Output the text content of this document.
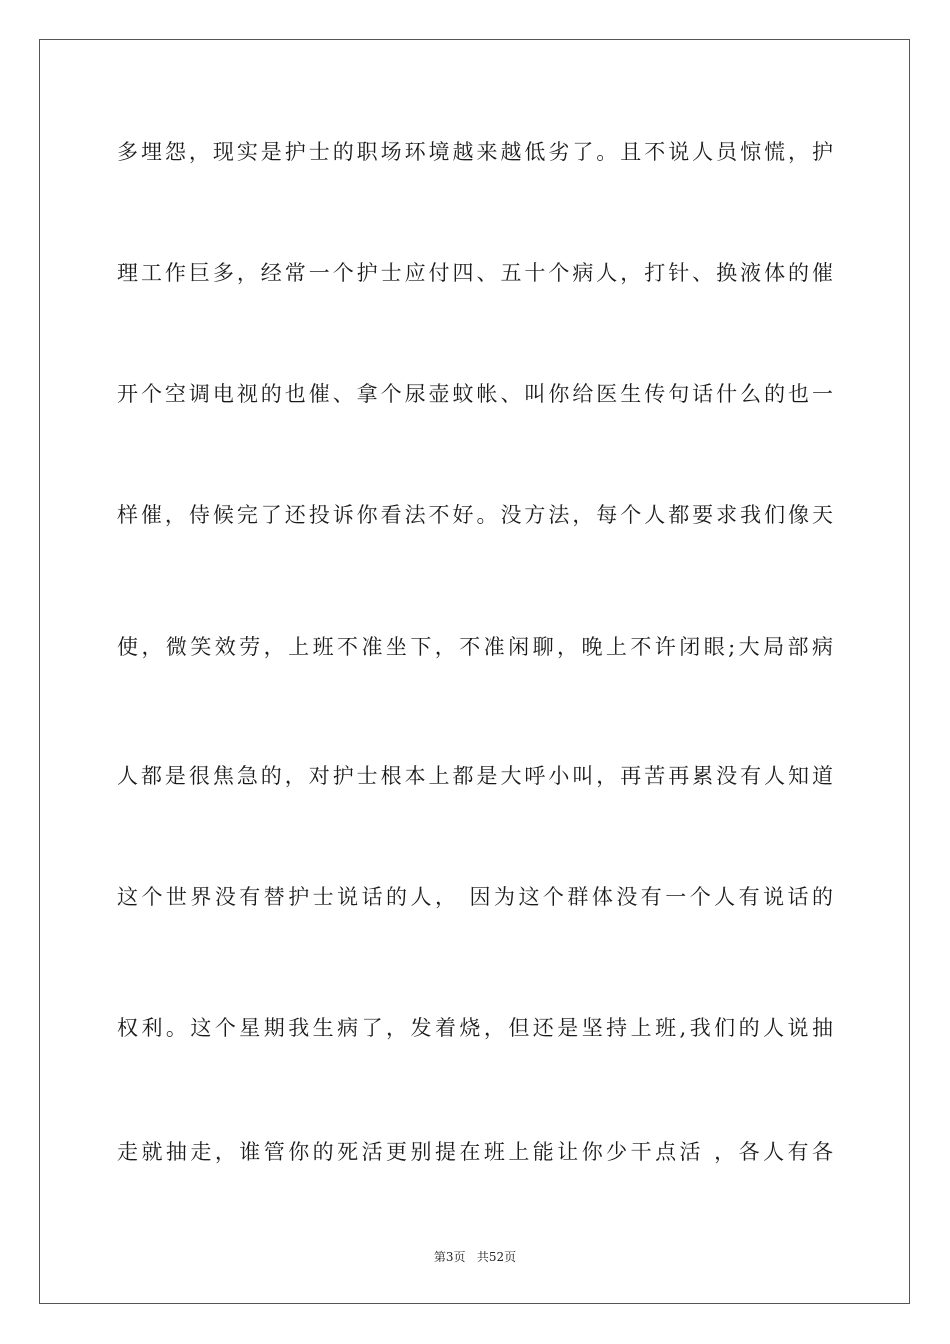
多埋怨，现实是护士的职场环境越来越低劣了。且不说人员惊慌，护
理工作巨多，经常一个护士应付四、五十个病人，打针、换液体的催
开个空调电视的也催、拿个尿壶蚊帐、叫你给医生传句话什么的也一
样催，侍候完了还投诉你看法不好。没方法，每个人都要求我们像天
使，微笑效劳，上班不准坐下，不准闲聊，晚上不许闭眼;大局部病
人都是很焦急的，对护士根本上都是大呼小叫，再苦再累没有人知道
这个世界没有替护士说话的人， 因为这个群体没有一个人有说话的
权利。这个星期我生病了，发着烧，但还是坚持上班,我们的人说抽
走就抽走，谁管你的死活更别提在班上能让你少干点活 ，各人有各
第3页 共52页
